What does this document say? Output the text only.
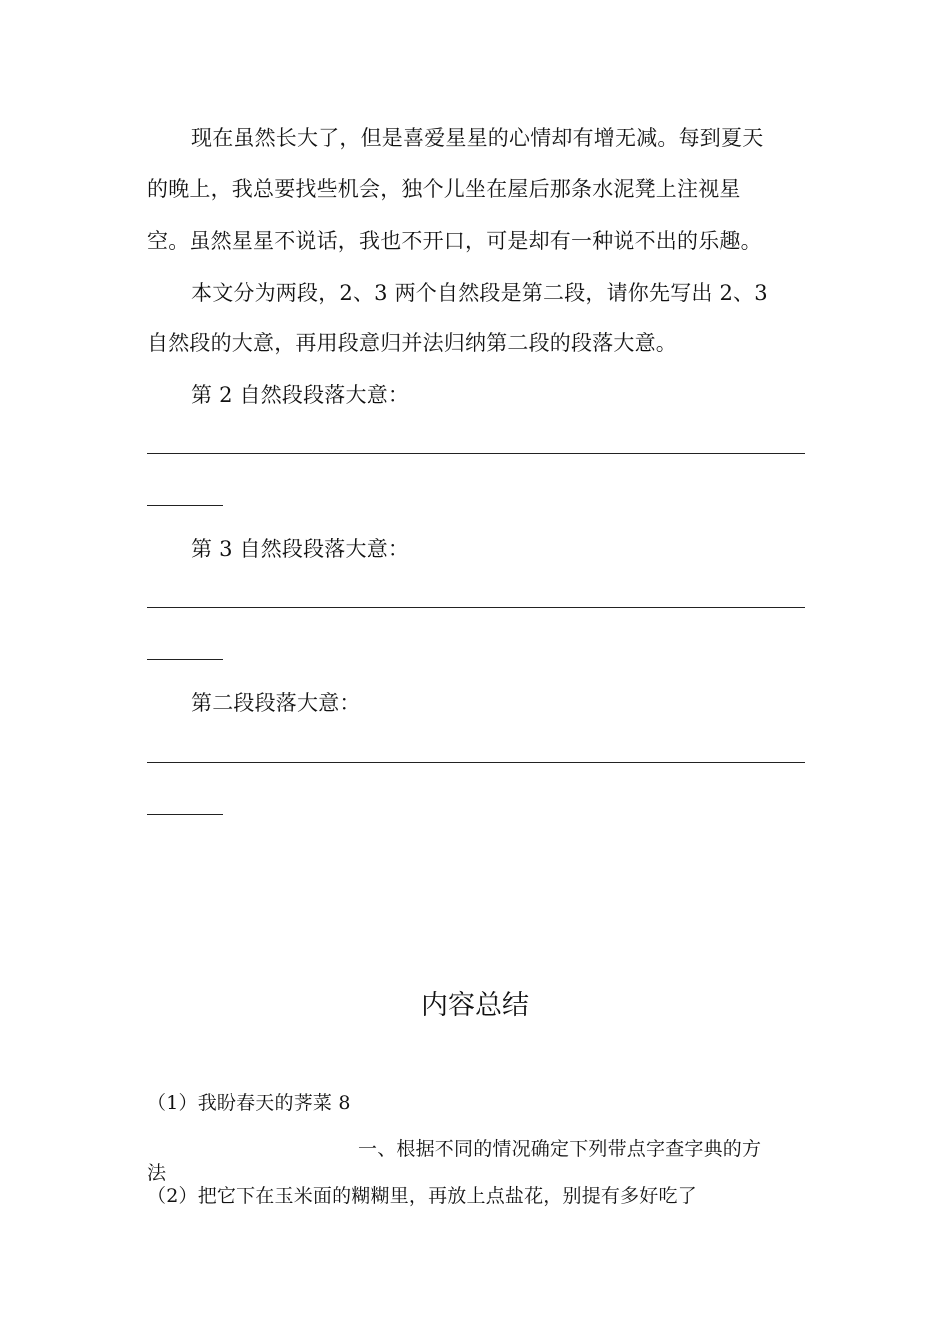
现在虽然长大了，但是喜爱星星的心情却有增无减。每到夏天
的晚上，我总要找些机会，独个儿坐在屋后那条水泥凳上注视星
空。虽然星星不说话，我也不开口，可是却有一种说不出的乐趣。
本文分为两段，2、3 两个自然段是第二段，请你先写出 2、3
自然段的大意，再用段意归并法归纳第二段的段落大意。
第 2 自然段段落大意：
第 3 自然段段落大意：
第二段段落大意：
内容总结
（1）我盼春天的荠菜 8
一、根据不同的情况确定下列带点字查字典的方
法
（2）把它下在玉米面的糊糊里，再放上点盐花，别提有多好吃了
